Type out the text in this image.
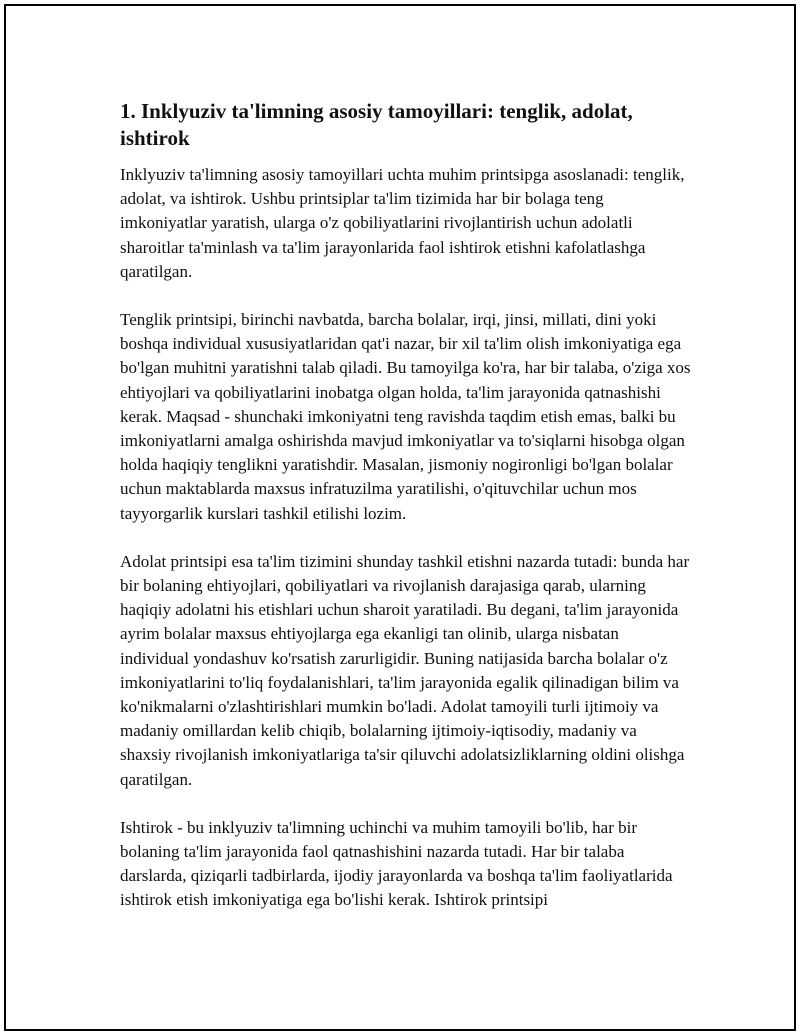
1. Inklyuziv ta'limning asosiy tamoyillari: tenglik, adolat, ishtirok

Inklyuziv ta'limning asosiy tamoyillari uchta muhim printsipga asoslanadi: tenglik, adolat, va ishtirok. Ushbu printsiplar ta'lim tizimida har bir bolaga teng imkoniyatlar yaratish, ularga o'z qobiliyatlarini rivojlantirish uchun adolatli sharoitlar ta'minlash va ta'lim jarayonlarida faol ishtirok etishni kafolatlashga qaratilgan.

Tenglik printsipi, birinchi navbatda, barcha bolalar, irqi, jinsi, millati, dini yoki boshqa individual xususiyatlaridan qat'i nazar, bir xil ta'lim olish imkoniyatiga ega bo'lgan muhitni yaratishni talab qiladi. Bu tamoyilga ko'ra, har bir talaba, o'ziga xos ehtiyojlari va qobiliyatlarini inobatga olgan holda, ta'lim jarayonida qatnashishi kerak. Maqsad - shunchaki imkoniyatni teng ravishda taqdim etish emas, balki bu imkoniyatlarni amalga oshirishda mavjud imkoniyatlar va to'siqlarni hisobga olgan holda haqiqiy tenglikni yaratishdir. Masalan, jismoniy nogironligi bo'lgan bolalar uchun maktablarda maxsus infratuzilma yaratilishi, o'qituvchilar uchun mos tayyorgarlik kurslari tashkil etilishi lozim.

Adolat printsipi esa ta'lim tizimini shunday tashkil etishni nazarda tutadi: bunda har bir bolaning ehtiyojlari, qobiliyatlari va rivojlanish darajasiga qarab, ularning haqiqiy adolatni his etishlari uchun sharoit yaratiladi. Bu degani, ta'lim jarayonida ayrim bolalar maxsus ehtiyojlarga ega ekanligi tan olinib, ularga nisbatan individual yondashuv ko'rsatish zarurligidir. Buning natijasida barcha bolalar o'z imkoniyatlarini to'liq foydalanishlari, ta'lim jarayonida egalik qilinadigan bilim va ko'nikmalarni o'zlashtirishlari mumkin bo'ladi. Adolat tamoyili turli ijtimoiy va madaniy omillardan kelib chiqib, bolalarning ijtimoiy-iqtisodiy, madaniy va shaxsiy rivojlanish imkoniyatlariga ta'sir qiluvchi adolatsizliklarning oldini olishga qaratilgan.

Ishtirok - bu inklyuziv ta'limning uchinchi va muhim tamoyili bo'lib, har bir bolaning ta'lim jarayonida faol qatnashishini nazarda tutadi. Har bir talaba darslarda, qiziqarli tadbirlarda, ijodiy jarayonlarda va boshqa ta'lim faoliyatlarida ishtirok etish imkoniyatiga ega bo'lishi kerak. Ishtirok printsipi
